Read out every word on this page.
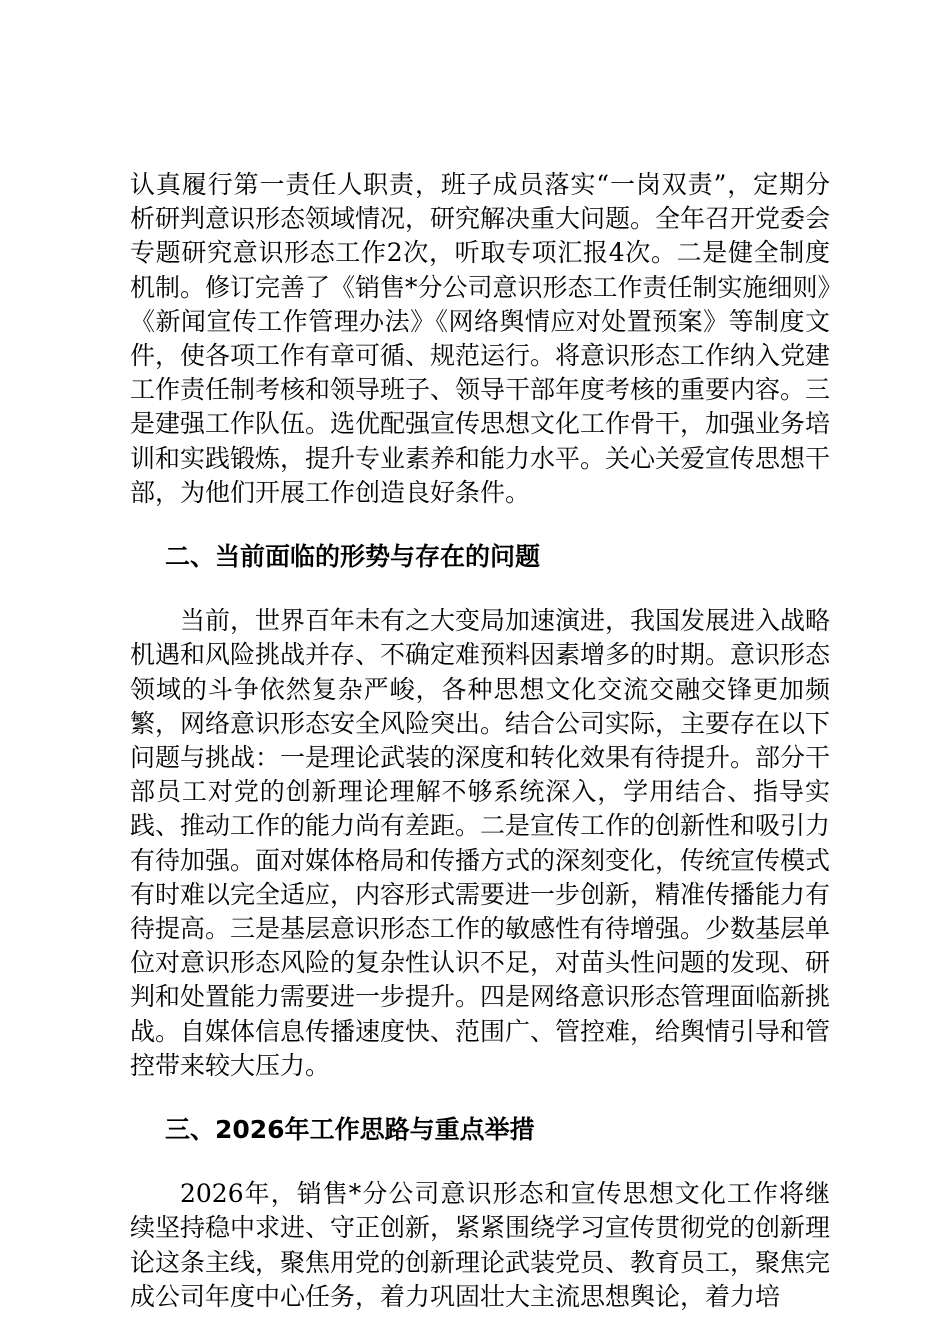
认真履行第一责任人职责，班子成员落实“一岗双责”，定期分析研判意识形态领域情况，研究解决重大问题。全年召开党委会专题研究意识形态工作2次，听取专项汇报4次。二是健全制度机制。修订完善了《销售*分公司意识形态工作责任制实施细则》《新闻宣传工作管理办法》《网络舆情应对处置预案》等制度文件，使各项工作有章可循、规范运行。将意识形态工作纳入党建工作责任制考核和领导班子、领导干部年度考核的重要内容。三是建强工作队伍。选优配强宣传思想文化工作骨干，加强业务培训和实践锻炼，提升专业素养和能力水平。关心关爱宣传思想干部，为他们开展工作创造良好条件。

二、当前面临的形势与存在的问题

当前，世界百年未有之大变局加速演进，我国发展进入战略机遇和风险挑战并存、不确定难预料因素增多的时期。意识形态领域的斗争依然复杂严峻，各种思想文化交流交融交锋更加频繁，网络意识形态安全风险突出。结合公司实际，主要存在以下问题与挑战：一是理论武装的深度和转化效果有待提升。部分干部员工对党的创新理论理解不够系统深入，学用结合、指导实践、推动工作的能力尚有差距。二是宣传工作的创新性和吸引力有待加强。面对媒体格局和传播方式的深刻变化，传统宣传模式有时难以完全适应，内容形式需要进一步创新，精准传播能力有待提高。三是基层意识形态工作的敏感性有待增强。少数基层单位对意识形态风险的复杂性认识不足，对苗头性问题的发现、研判和处置能力需要进一步提升。四是网络意识形态管理面临新挑战。自媒体信息传播速度快、范围广、管控难，给舆情引导和管控带来较大压力。

三、2026年工作思路与重点举措

2026年，销售*分公司意识形态和宣传思想文化工作将继续坚持稳中求进、守正创新，紧紧围绕学习宣传贯彻党的创新理论这条主线，聚焦用党的创新理论武装党员、教育员工，聚焦完成公司年度中心任务，着力巩固壮大主流思想舆论，着力培
